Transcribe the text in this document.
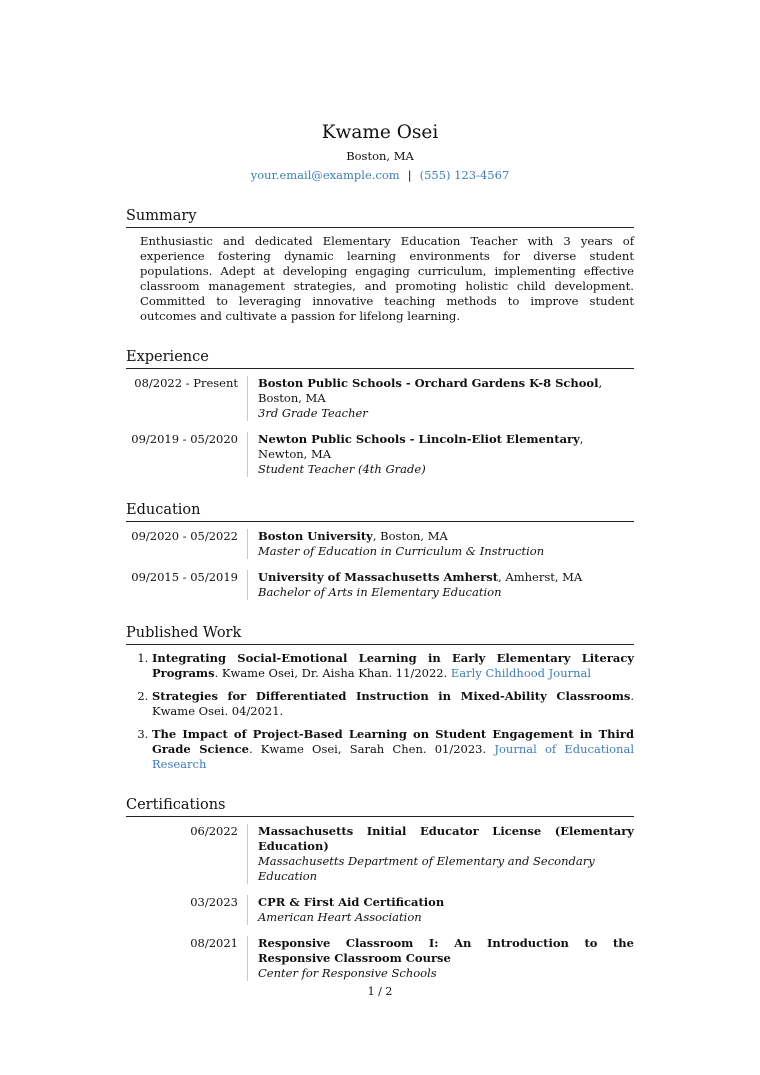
Kwame Osei
Boston, MA
your.email@example.com | (555) 123-4567
Summary
Enthusiastic and dedicated Elementary Education Teacher with 3 years of experience fostering dynamic learning environments for diverse student populations. Adept at developing engaging curriculum, implementing effective classroom management strategies, and promoting holistic child development. Committed to leveraging innovative teaching methods to improve student outcomes and cultivate a passion for lifelong learning.
Experience
08/2022 - Present	Boston Public Schools - Orchard Gardens K-8 School, Boston, MA
3rd Grade Teacher
09/2019 - 05/2020	Newton Public Schools - Lincoln-Eliot Elementary, Newton, MA
Student Teacher (4th Grade)
Education
09/2020 - 05/2022	Boston University, Boston, MA
Master of Education in Curriculum & Instruction
09/2015 - 05/2019	University of Massachusetts Amherst, Amherst, MA
Bachelor of Arts in Elementary Education
Published Work
1. Integrating Social-Emotional Learning in Early Elementary Literacy Programs. Kwame Osei, Dr. Aisha Khan. 11/2022. Early Childhood Journal
2. Strategies for Differentiated Instruction in Mixed-Ability Classrooms. Kwame Osei. 04/2021.
3. The Impact of Project-Based Learning on Student Engagement in Third Grade Science. Kwame Osei, Sarah Chen. 01/2023. Journal of Educational Research
Certifications
06/2022	Massachusetts Initial Educator License (Elementary Education)
Massachusetts Department of Elementary and Secondary Education
03/2023	CPR & First Aid Certification
American Heart Association
08/2021	Responsive Classroom I: An Introduction to the Responsive Classroom Course
Center for Responsive Schools
1 / 2
